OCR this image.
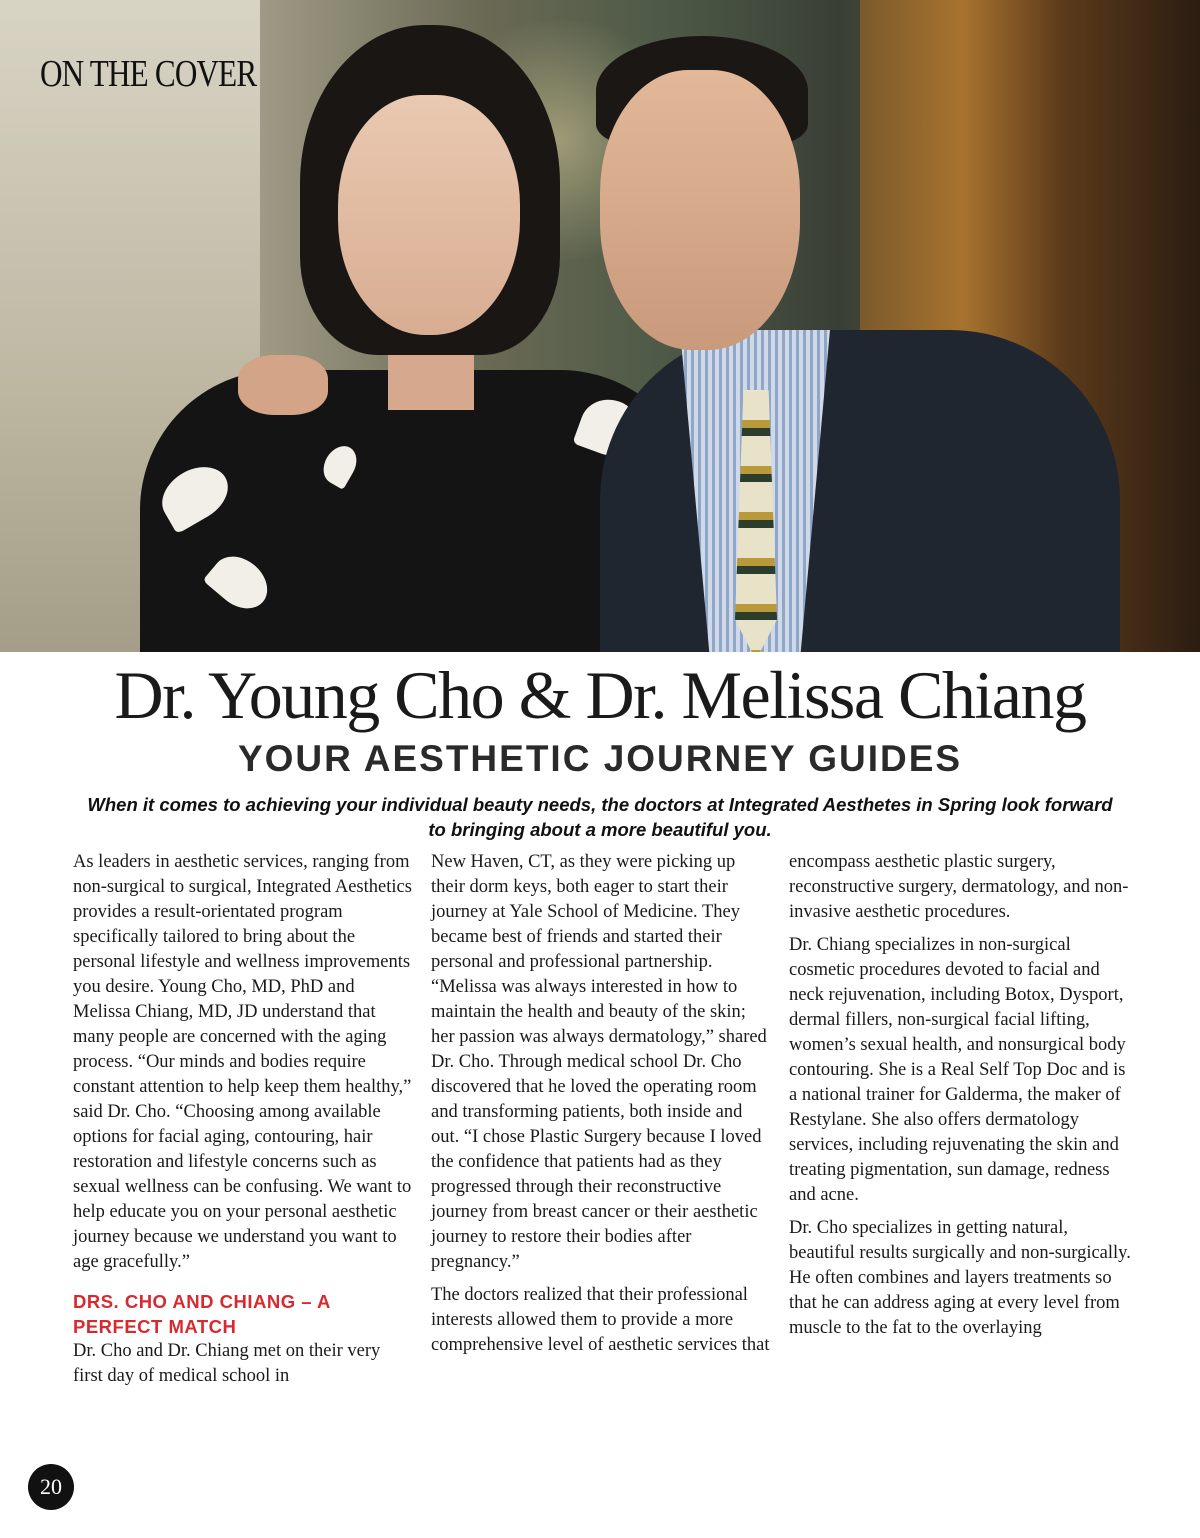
ON THE COVER

Dr. Young Cho & Dr. Melissa Chiang
YOUR AESTHETIC JOURNEY GUIDES

When it comes to achieving your individual beauty needs, the doctors at Integrated Aesthetes in Spring look forward to bringing about a more beautiful you.

As leaders in aesthetic services, ranging from non-surgical to surgical, Integrated Aesthetics provides a result-orientated program specifically tailored to bring about the personal lifestyle and wellness improvements you desire. Young Cho, MD, PhD and Melissa Chiang, MD, JD understand that many people are concerned with the aging process. “Our minds and bodies require constant attention to help keep them healthy,” said Dr. Cho. “Choosing among available options for facial aging, contouring, hair restoration and lifestyle concerns such as sexual wellness can be confusing. We want to help educate you on your personal aesthetic journey because we understand you want to age gracefully.”

DRS. CHO AND CHIANG – A PERFECT MATCH

Dr. Cho and Dr. Chiang met on their very first day of medical school in

New Haven, CT, as they were picking up their dorm keys, both eager to start their journey at Yale School of Medicine. They became best of friends and started their personal and professional partnership. “Melissa was always interested in how to maintain the health and beauty of the skin; her passion was always dermatology,” shared Dr. Cho. Through medical school Dr. Cho discovered that he loved the operating room and transforming patients, both inside and out. “I chose Plastic Surgery because I loved the confidence that patients had as they progressed through their reconstructive journey from breast cancer or their aesthetic journey to restore their bodies after pregnancy.”

The doctors realized that their professional interests allowed them to provide a more comprehensive level of aesthetic services that

encompass aesthetic plastic surgery, reconstructive surgery, dermatology, and non-invasive aesthetic procedures.

Dr. Chiang specializes in non-surgical cosmetic procedures devoted to facial and neck rejuvenation, including Botox, Dysport, dermal fillers, non-surgical facial lifting, women’s sexual health, and nonsurgical body contouring. She is a Real Self Top Doc and is a national trainer for Galderma, the maker of Restylane. She also offers dermatology services, including rejuvenating the skin and treating pigmentation, sun damage, redness and acne.

Dr. Cho specializes in getting natural, beautiful results surgically and non-surgically. He often combines and layers treatments so that he can address aging at every level from muscle to the fat to the overlaying

20
